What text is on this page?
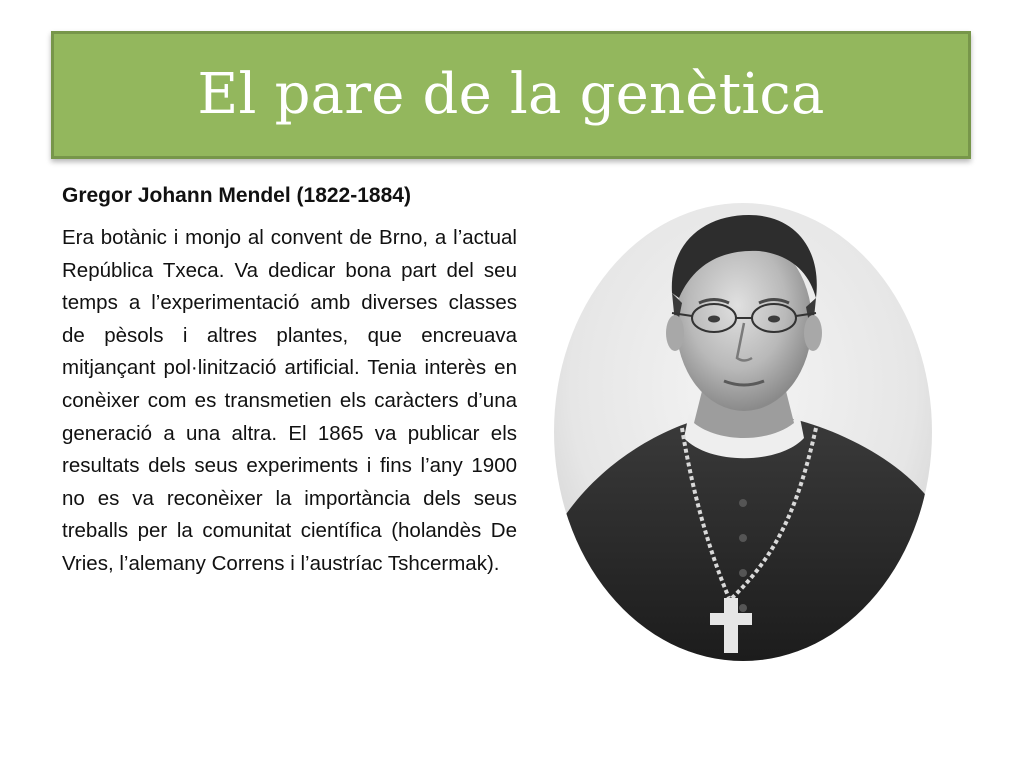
El pare de la genètica

Gregor Johann Mendel (1822-1884)

Era botànic i monjo al convent de Brno, a l’actual República Txeca. Va dedicar bona part del seu temps a l’experimentació amb diverses classes de pèsols i altres plantes, que encreuava mitjançant pol·linització artificial. Tenia interès en conèixer com es transmetien els caràcters d’una generació a una altra. El 1865 va publicar els resultats dels seus experiments i fins l’any 1900 no es va reconèixer la importància dels seus treballs per la comunitat científica (holandès De Vries, l’alemany Correns i l’austríac Tshcermak).
